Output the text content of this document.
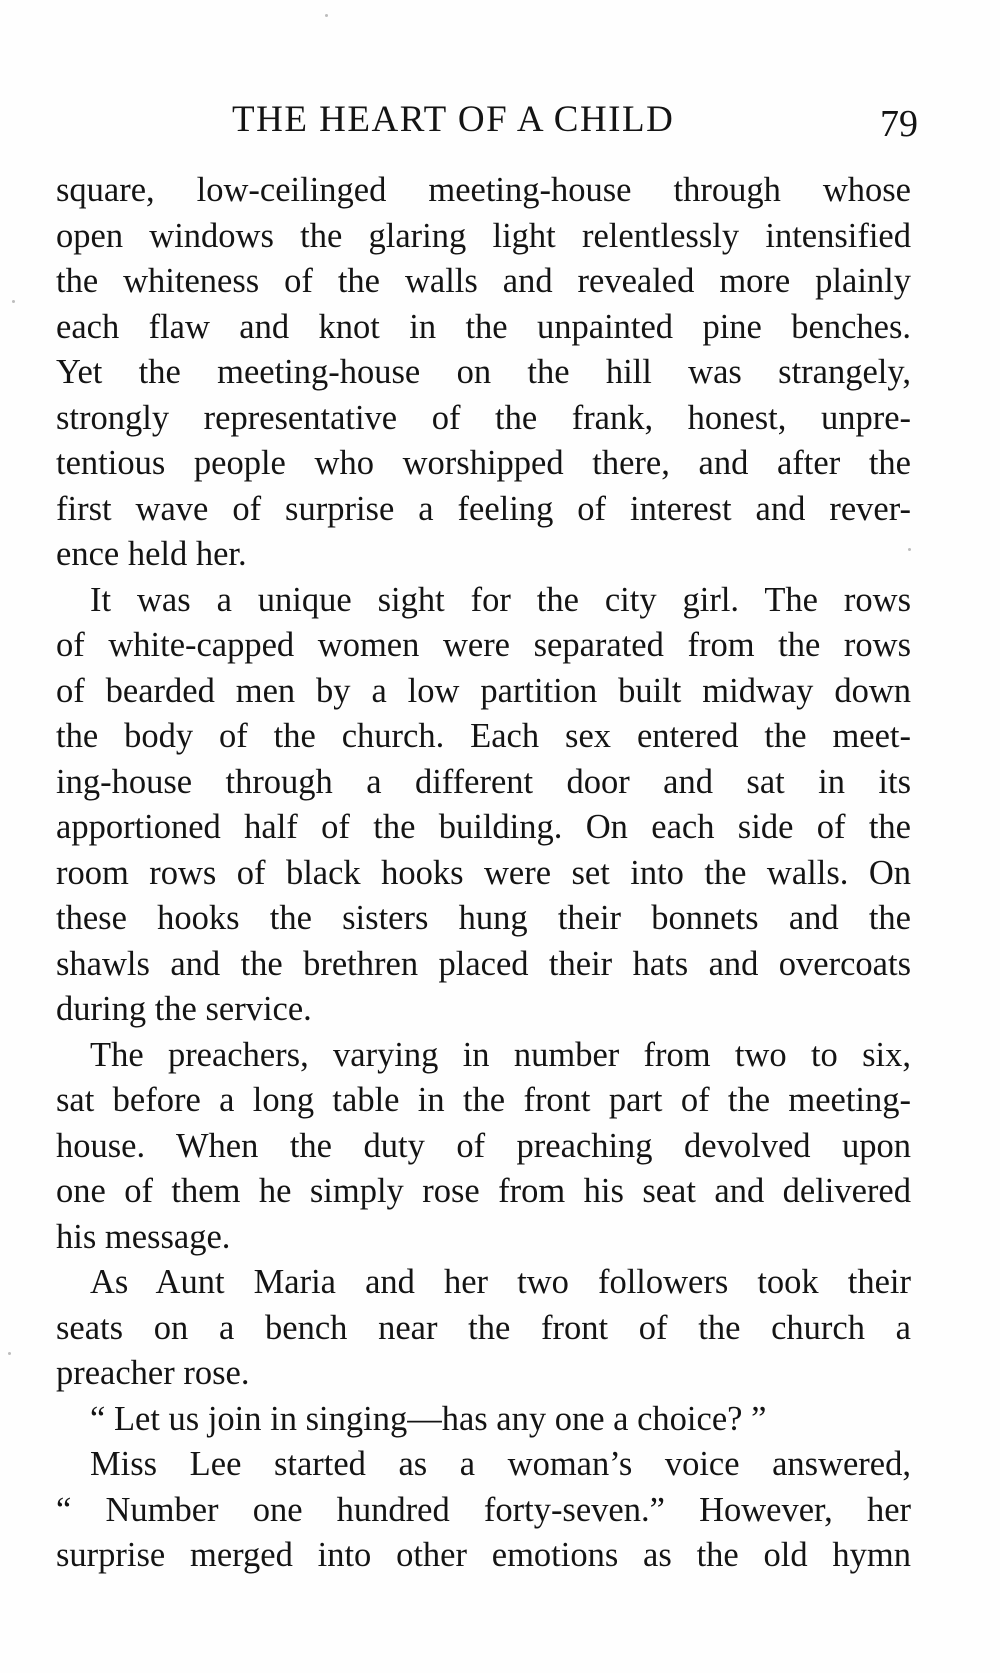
THE HEART OF A CHILD	79
square, low-ceilinged meeting-house through whose
open windows the glaring light relentlessly intensified
the whiteness of the walls and revealed more plainly
each flaw and knot in the unpainted pine benches.
Yet the meeting-house on the hill was strangely,
strongly representative of the frank, honest, unpre-
tentious people who worshipped there, and after the
first wave of surprise a feeling of interest and rever-
ence held her.
It was a unique sight for the city girl. The rows
of white-capped women were separated from the rows
of bearded men by a low partition built midway down
the body of the church. Each sex entered the meet-
ing-house through a different door and sat in its
apportioned half of the building. On each side of the
room rows of black hooks were set into the walls. On
these hooks the sisters hung their bonnets and the
shawls and the brethren placed their hats and overcoats
during the service.
The preachers, varying in number from two to six,
sat before a long table in the front part of the meeting-
house. When the duty of preaching devolved upon
one of them he simply rose from his seat and delivered
his message.
As Aunt Maria and her two followers took their
seats on a bench near the front of the church a
preacher rose.
“ Let us join in singing—has any one a choice? ”
Miss Lee started as a woman’s voice answered,
“ Number one hundred forty-seven.” However, her
surprise merged into other emotions as the old hymn
